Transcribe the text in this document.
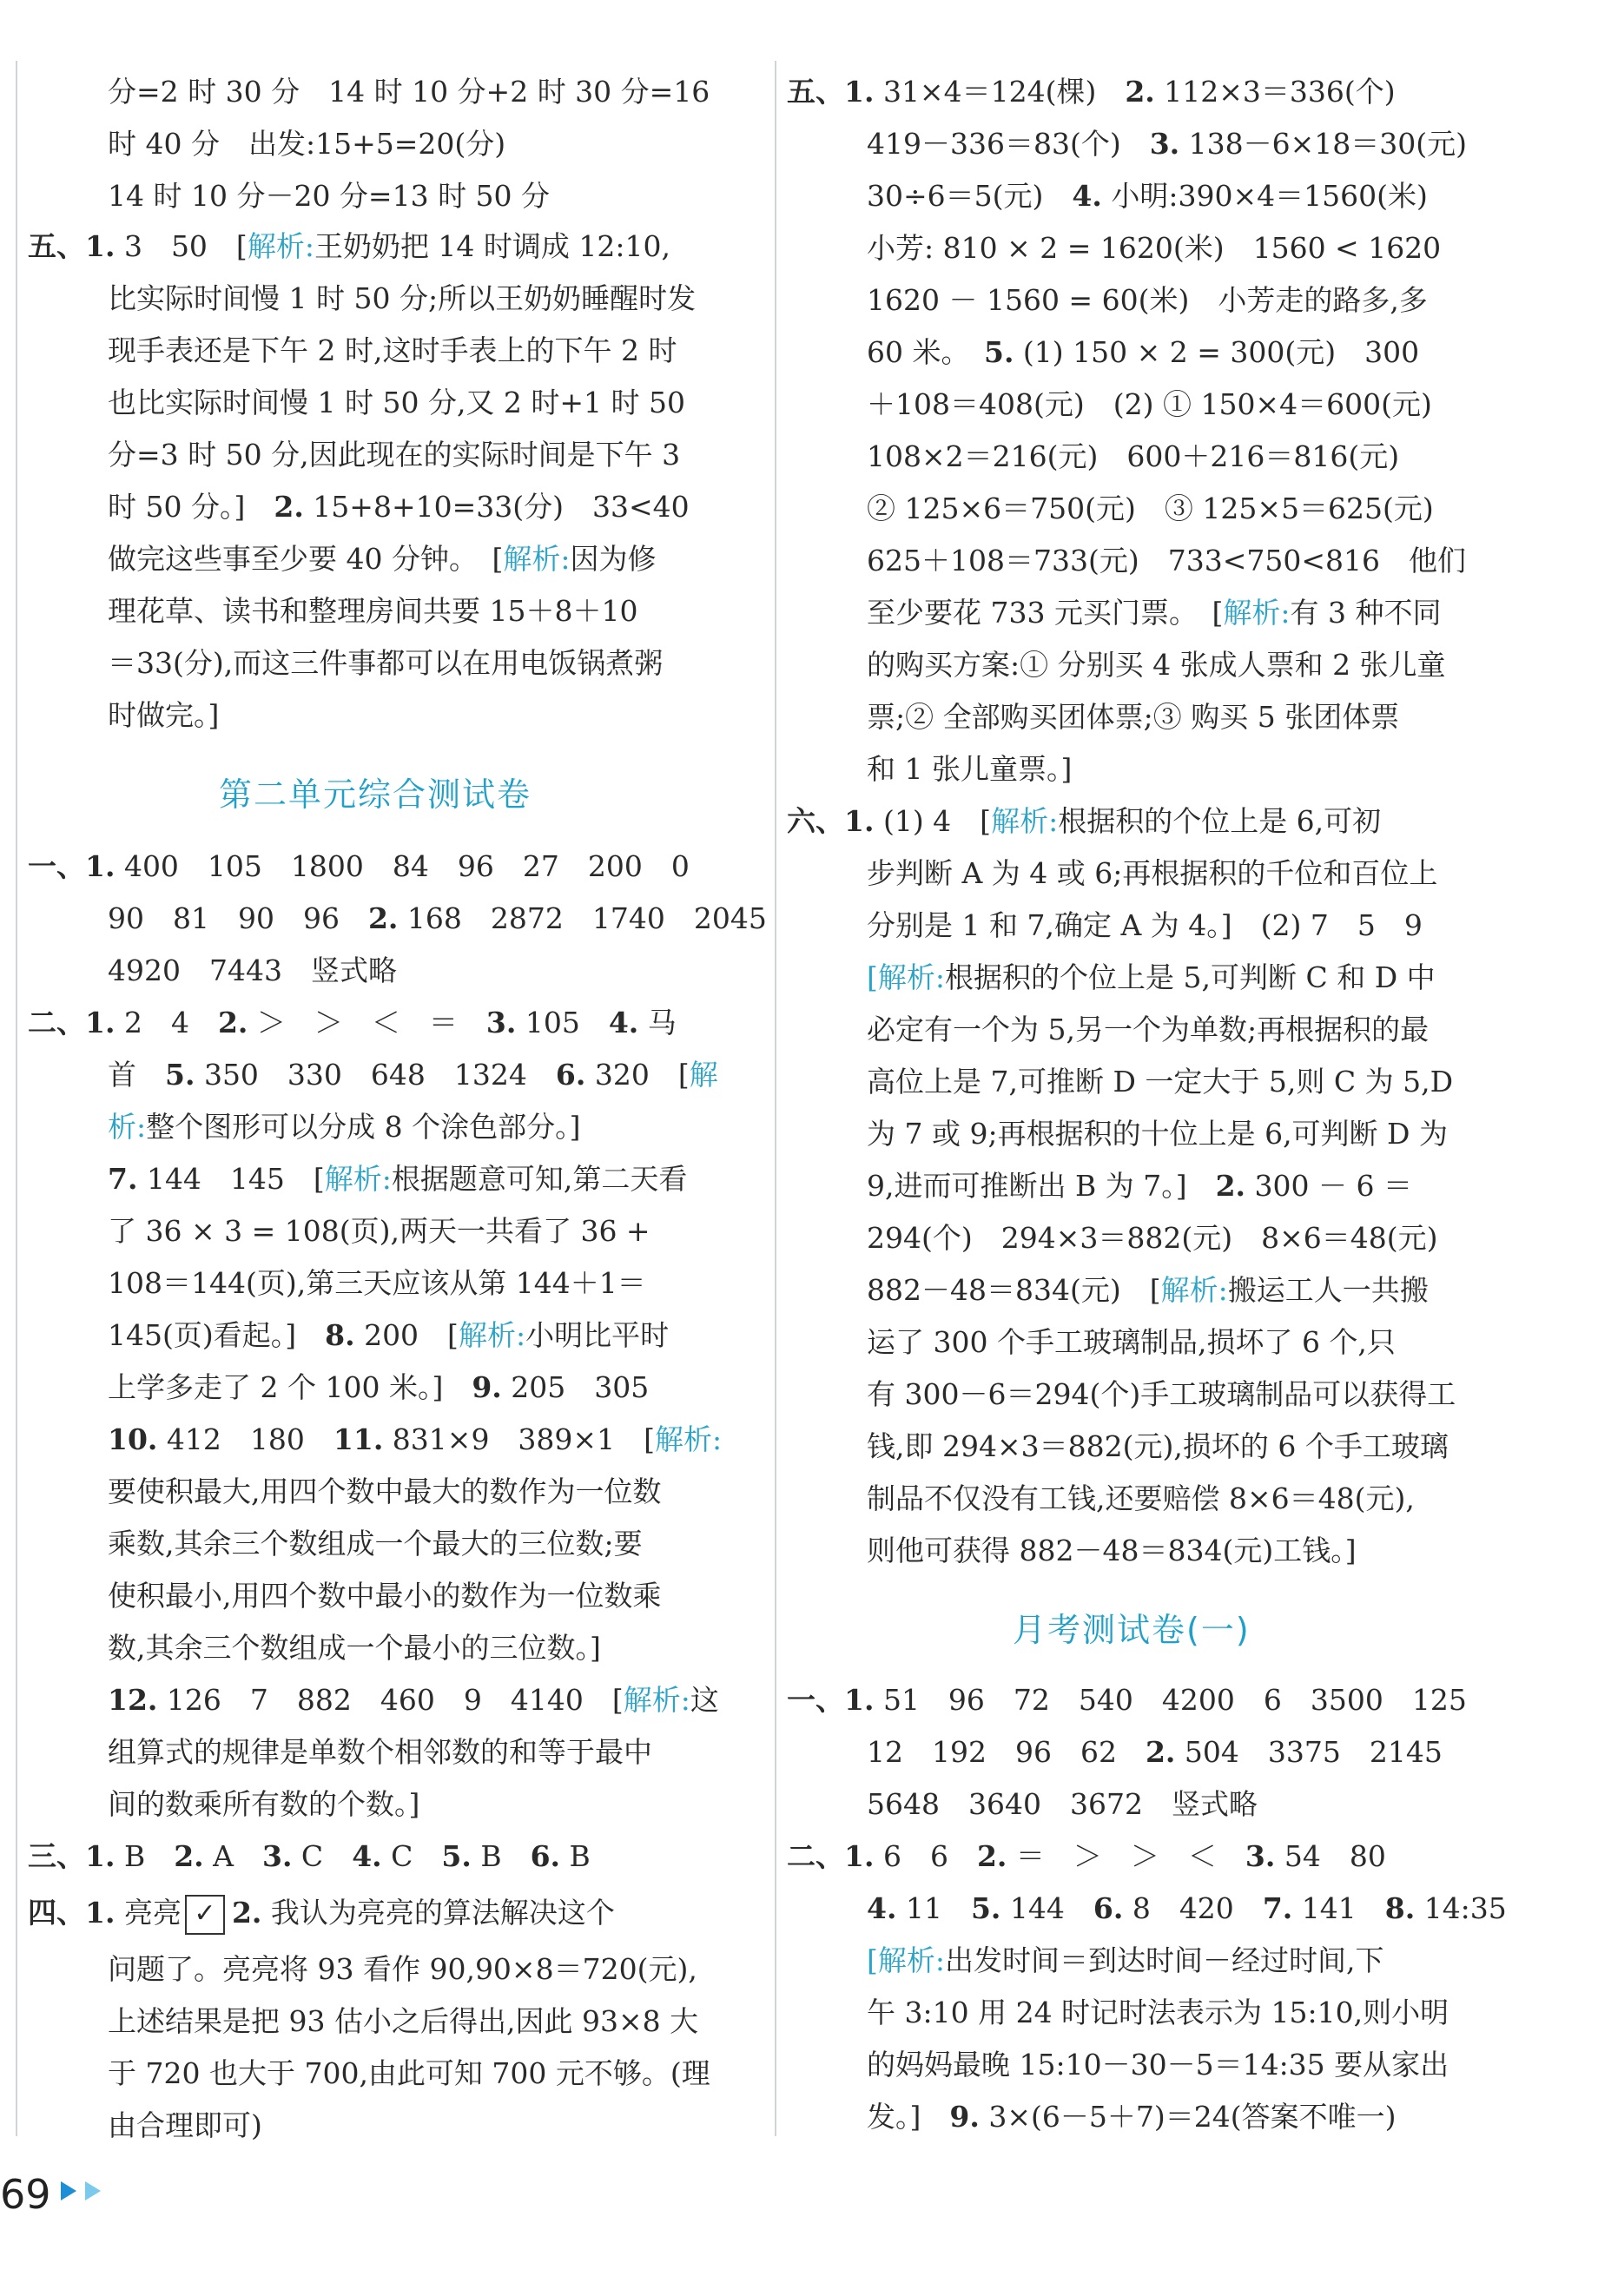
分=2 时 30 分　14 时 10 分+2 时 30 分=16
时 40 分　出发:15+5=20(分)
14 时 10 分－20 分=13 时 50 分
五、1. 3　50　[解析:王奶奶把 14 时调成 12:10,
比实际时间慢 1 时 50 分;所以王奶奶睡醒时发
现手表还是下午 2 时,这时手表上的下午 2 时
也比实际时间慢 1 时 50 分,又 2 时+1 时 50
分=3 时 50 分,因此现在的实际时间是下午 3
时 50 分。]　2. 15+8+10=33(分)　33<40
做完这些事至少要 40 分钟。　[解析:因为修
理花草、读书和整理房间共要 15＋8＋10
＝33(分),而这三件事都可以在用电饭锅煮粥
时做完。]
第二单元综合测试卷
一、1. 400　105　1800　84　96　27　200　0
90　81　90　96　2. 168　2872　1740　2045
4920　7443　竖式略
二、1. 2　4　2. ＞　＞　＜　＝　3. 105　4. 马
首　5. 350　330　648　1324　6. 320　[解
析:整个图形可以分成 8 个涂色部分。]
7. 144　145　[解析:根据题意可知,第二天看
了 36 × 3 = 108(页),两天一共看了 36 +
108＝144(页),第三天应该从第 144＋1＝
145(页)看起。]　8. 200　[解析:小明比平时
上学多走了 2 个 100 米。]　9. 205　305
10. 412　180　11. 831×9　389×1　[解析:
要使积最大,用四个数中最大的数作为一位数
乘数,其余三个数组成一个最大的三位数;要
使积最小,用四个数中最小的数作为一位数乘
数,其余三个数组成一个最小的三位数。]
12. 126　7　882　460　9　4140　[解析:这
组算式的规律是单数个相邻数的和等于最中
间的数乘所有数的个数。]
三、1. B　2. A　3. C　4. C　5. B　6. B
四、1. 亮亮 ✓ 2. 我认为亮亮的算法解决这个
问题了。亮亮将 93 看作 90,90×8＝720(元),
上述结果是把 93 估小之后得出,因此 93×8 大
于 720 也大于 700,由此可知 700 元不够。(理
由合理即可)
五、1. 31×4＝124(棵)　2. 112×3＝336(个)
419－336＝83(个)　3. 138－6×18＝30(元)
30÷6＝5(元)　4. 小明:390×4＝1560(米)
小芳: 810 × 2 = 1620(米)　1560 < 1620
1620 － 1560 = 60(米)　小芳走的路多,多
60 米。　5. (1) 150 × 2 = 300(元)　300
＋108＝408(元)　(2) ① 150×4＝600(元)
108×2＝216(元)　600＋216＝816(元)
② 125×6＝750(元)　③ 125×5＝625(元)
625＋108＝733(元)　733<750<816　他们
至少要花 733 元买门票。　[解析:有 3 种不同
的购买方案:① 分别买 4 张成人票和 2 张儿童
票;② 全部购买团体票;③ 购买 5 张团体票
和 1 张儿童票。]
六、1. (1) 4　[解析:根据积的个位上是 6,可初
步判断 A 为 4 或 6;再根据积的千位和百位上
分别是 1 和 7,确定 A 为 4。]　(2) 7　5　9
[解析:根据积的个位上是 5,可判断 C 和 D 中
必定有一个为 5,另一个为单数;再根据积的最
高位上是 7,可推断 D 一定大于 5,则 C 为 5,D
为 7 或 9;再根据积的十位上是 6,可判断 D 为
9,进而可推断出 B 为 7。]　2. 300 － 6 ＝
294(个)　294×3＝882(元)　8×6＝48(元)
882－48＝834(元)　[解析:搬运工人一共搬
运了 300 个手工玻璃制品,损坏了 6 个,只
有 300－6＝294(个)手工玻璃制品可以获得工
钱,即 294×3＝882(元),损坏的 6 个手工玻璃
制品不仅没有工钱,还要赔偿 8×6＝48(元),
则他可获得 882－48＝834(元)工钱。]
月考测试卷(一)
一、1. 51　96　72　540　4200　6　3500　125
12　192　96　62　2. 504　3375　2145
5648　3640　3672　竖式略
二、1. 6　6　2. ＝　＞　＞　＜　3. 54　80
4. 11　5. 144　6. 8　420　7. 141　8. 14:35
[解析:出发时间＝到达时间－经过时间,下
午 3:10 用 24 时记时法表示为 15:10,则小明
的妈妈最晚 15:10－30－5＝14:35 要从家出
发。]　9. 3×(6－5＋7)＝24(答案不唯一)
69
